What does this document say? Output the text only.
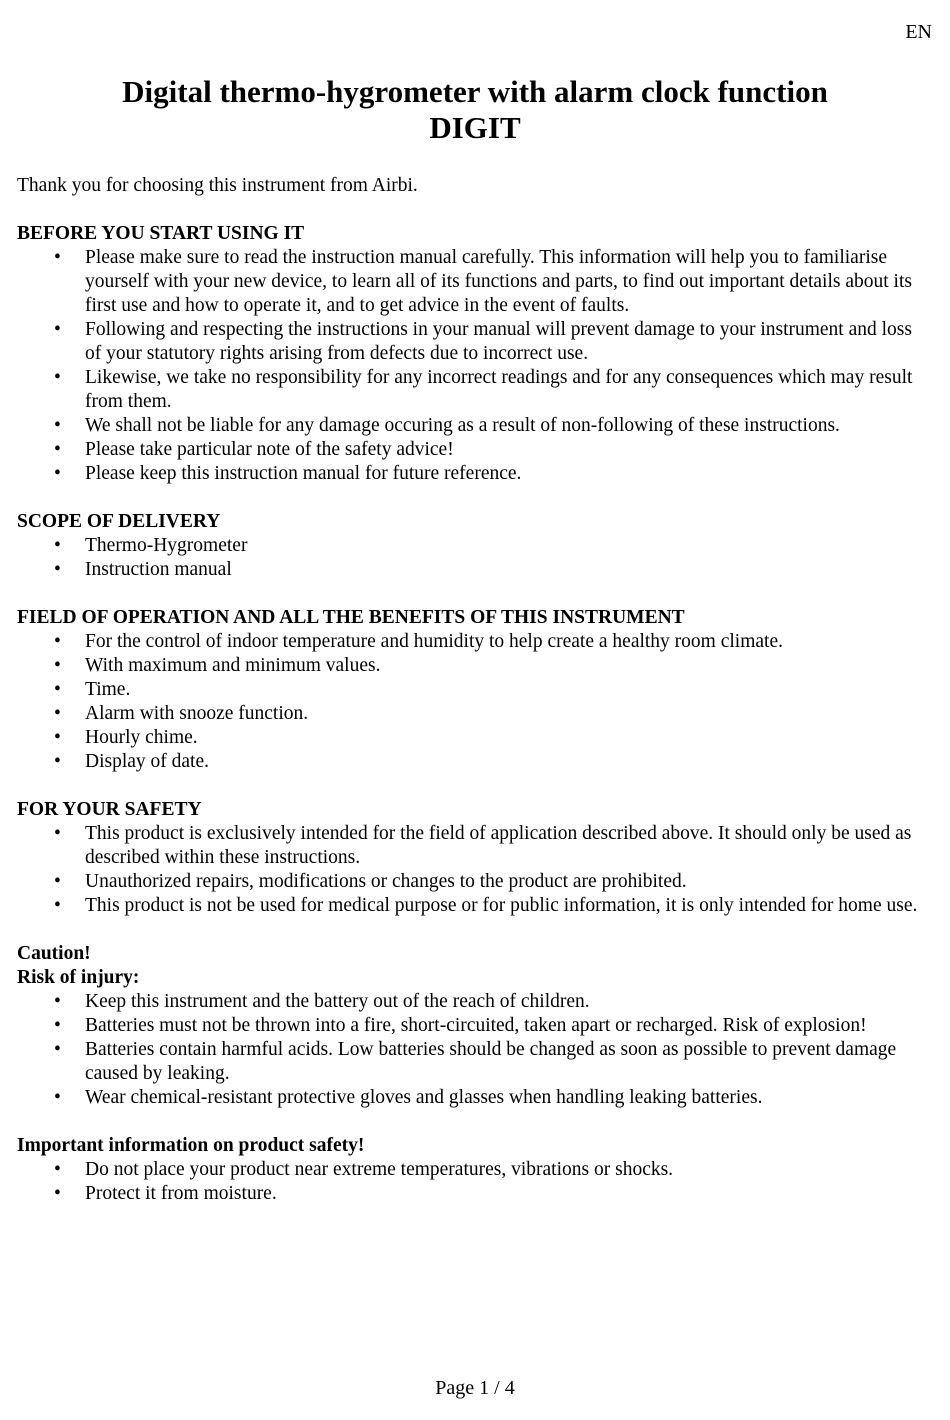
EN
Digital thermo-hygrometer with alarm clock function
DIGIT

Thank you for choosing this instrument from Airbi.

BEFORE YOU START USING IT

• Please make sure to read the instruction manual carefully. This information will help you to familiarise yourself with your new device, to learn all of its functions and parts, to find out important details about its first use and how to operate it, and to get advice in the event of faults.
• Following and respecting the instructions in your manual will prevent damage to your instrument and loss of your statutory rights arising from defects due to incorrect use.
• Likewise, we take no responsibility for any incorrect readings and for any consequences which may result from them.
• We shall not be liable for any damage occuring as a result of non-following of these instructions.
• Please take particular note of the safety advice!
• Please keep this instruction manual for future reference.

SCOPE OF DELIVERY

• Thermo-Hygrometer
• Instruction manual

FIELD OF OPERATION AND ALL THE BENEFITS OF THIS INSTRUMENT

• For the control of indoor temperature and humidity to help create a healthy room climate.
• With maximum and minimum values.
• Time.
• Alarm with snooze function.
• Hourly chime.
• Display of date.

FOR YOUR SAFETY

• This product is exclusively intended for the field of application described above. It should only be used as described within these instructions.
• Unauthorized repairs, modifications or changes to the product are prohibited.
• This product is not be used for medical purpose or for public information, it is only intended for home use.

Caution!

Risk of injury:

• Keep this instrument and the battery out of the reach of children.
• Batteries must not be thrown into a fire, short-circuited, taken apart or recharged. Risk of explosion!
• Batteries contain harmful acids. Low batteries should be changed as soon as possible to prevent damage caused by leaking.
• Wear chemical-resistant protective gloves and glasses when handling leaking batteries.

Important information on product safety!

• Do not place your product near extreme temperatures, vibrations or shocks.
• Protect it from moisture.
Page 1 / 4
